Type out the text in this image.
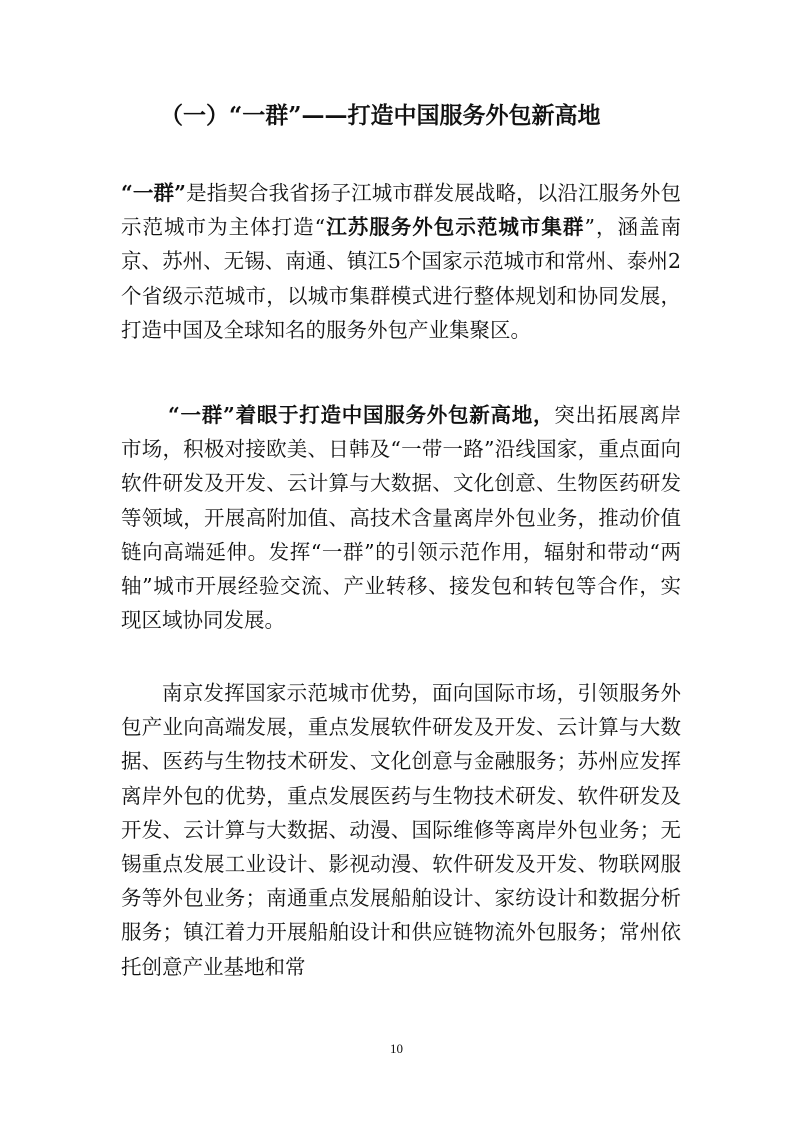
（一）“一群”——打造中国服务外包新高地
“一群”是指契合我省扬子江城市群发展战略，以沿江服务外包示范城市为主体打造“江苏服务外包示范城市集群”，涵盖南京、苏州、无锡、南通、镇江5个国家示范城市和常州、泰州2个省级示范城市，以城市集群模式进行整体规划和协同发展，打造中国及全球知名的服务外包产业集聚区。
“一群”着眼于打造中国服务外包新高地，突出拓展离岸市场，积极对接欧美、日韩及“一带一路”沿线国家，重点面向软件研发及开发、云计算与大数据、文化创意、生物医药研发等领域，开展高附加值、高技术含量离岸外包业务，推动价值链向高端延伸。发挥“一群”的引领示范作用，辐射和带动“两轴”城市开展经验交流、产业转移、接发包和转包等合作，实现区域协同发展。
南京发挥国家示范城市优势，面向国际市场，引领服务外包产业向高端发展，重点发展软件研发及开发、云计算与大数据、医药与生物技术研发、文化创意与金融服务；苏州应发挥离岸外包的优势，重点发展医药与生物技术研发、软件研发及开发、云计算与大数据、动漫、国际维修等离岸外包业务；无锡重点发展工业设计、影视动漫、软件研发及开发、物联网服务等外包业务；南通重点发展船舶设计、家纺设计和数据分析服务；镇江着力开展船舶设计和供应链物流外包服务；常州依托创意产业基地和常
10
